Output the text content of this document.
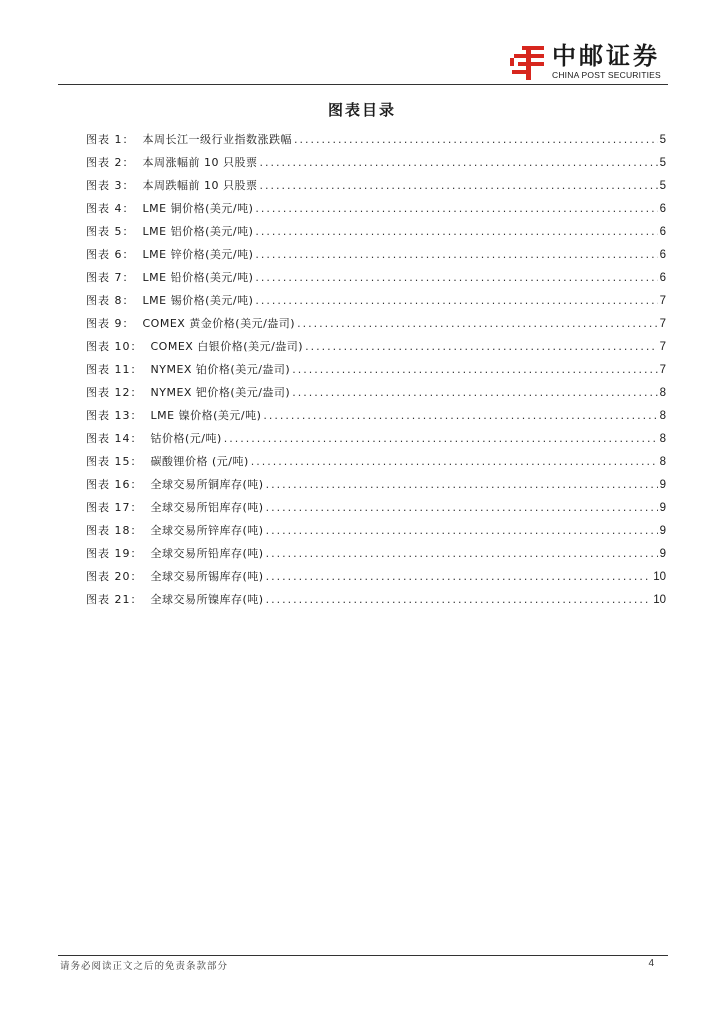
中邮证券
CHINA POST SECURITIES
图表目录
图表 1： 本周长江一级行业指数涨跌幅 .....	5
图表 2： 本周涨幅前 10 只股票 .....	5
图表 3： 本周跌幅前 10 只股票 .....	5
图表 4： LME 铜价格(美元/吨) .....	6
图表 5： LME 铝价格(美元/吨) .....	6
图表 6： LME 锌价格(美元/吨) .....	6
图表 7： LME 铅价格(美元/吨) .....	6
图表 8： LME 锡价格(美元/吨) .....	7
图表 9： COMEX 黄金价格(美元/盎司) .....	7
图表 10： COMEX 白银价格(美元/盎司) .....	7
图表 11： NYMEX 铂价格(美元/盎司) .....	7
图表 12： NYMEX 钯价格(美元/盎司) .....	8
图表 13： LME 镍价格(美元/吨) .....	8
图表 14： 钴价格(元/吨) .....	8
图表 15： 碳酸锂价格 (元/吨) .....	8
图表 16： 全球交易所铜库存(吨) .....	9
图表 17： 全球交易所铝库存(吨) .....	9
图表 18： 全球交易所锌库存(吨) .....	9
图表 19： 全球交易所铅库存(吨) .....	9
图表 20： 全球交易所锡库存(吨) .....	10
图表 21： 全球交易所镍库存(吨) .....	10
请务必阅读正文之后的免责条款部分	4
